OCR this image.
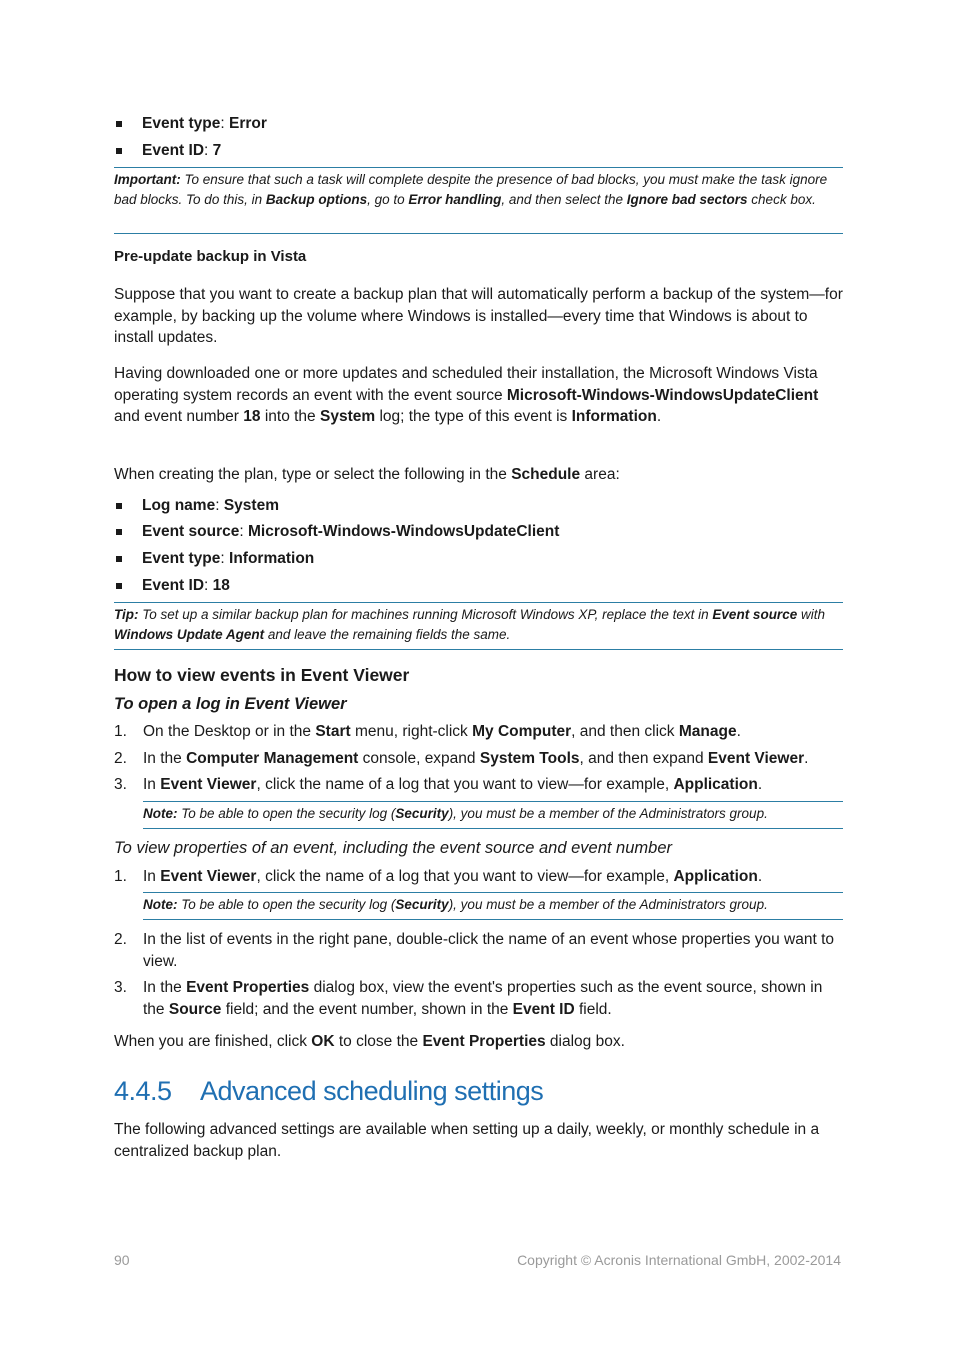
Event type: Error
Event ID: 7
Important: To ensure that such a task will complete despite the presence of bad blocks, you must make the task ignore bad blocks. To do this, in Backup options, go to Error handling, and then select the Ignore bad sectors check box.
Pre-update backup in Vista
Suppose that you want to create a backup plan that will automatically perform a backup of the system—for example, by backing up the volume where Windows is installed—every time that Windows is about to install updates.
Having downloaded one or more updates and scheduled their installation, the Microsoft Windows Vista operating system records an event with the event source Microsoft-Windows-WindowsUpdateClient and event number 18 into the System log; the type of this event is Information.
When creating the plan, type or select the following in the Schedule area:
Log name: System
Event source: Microsoft-Windows-WindowsUpdateClient
Event type: Information
Event ID: 18
Tip: To set up a similar backup plan for machines running Microsoft Windows XP, replace the text in Event source with Windows Update Agent and leave the remaining fields the same.
How to view events in Event Viewer
To open a log in Event Viewer
1. On the Desktop or in the Start menu, right-click My Computer, and then click Manage.
2. In the Computer Management console, expand System Tools, and then expand Event Viewer.
3. In Event Viewer, click the name of a log that you want to view—for example, Application.
Note: To be able to open the security log (Security), you must be a member of the Administrators group.
To view properties of an event, including the event source and event number
1. In Event Viewer, click the name of a log that you want to view—for example, Application.
Note: To be able to open the security log (Security), you must be a member of the Administrators group.
2. In the list of events in the right pane, double-click the name of an event whose properties you want to view.
3. In the Event Properties dialog box, view the event's properties such as the event source, shown in the Source field; and the event number, shown in the Event ID field.
When you are finished, click OK to close the Event Properties dialog box.
4.4.5 Advanced scheduling settings
The following advanced settings are available when setting up a daily, weekly, or monthly schedule in a centralized backup plan.
90	Copyright © Acronis International GmbH, 2002-2014
